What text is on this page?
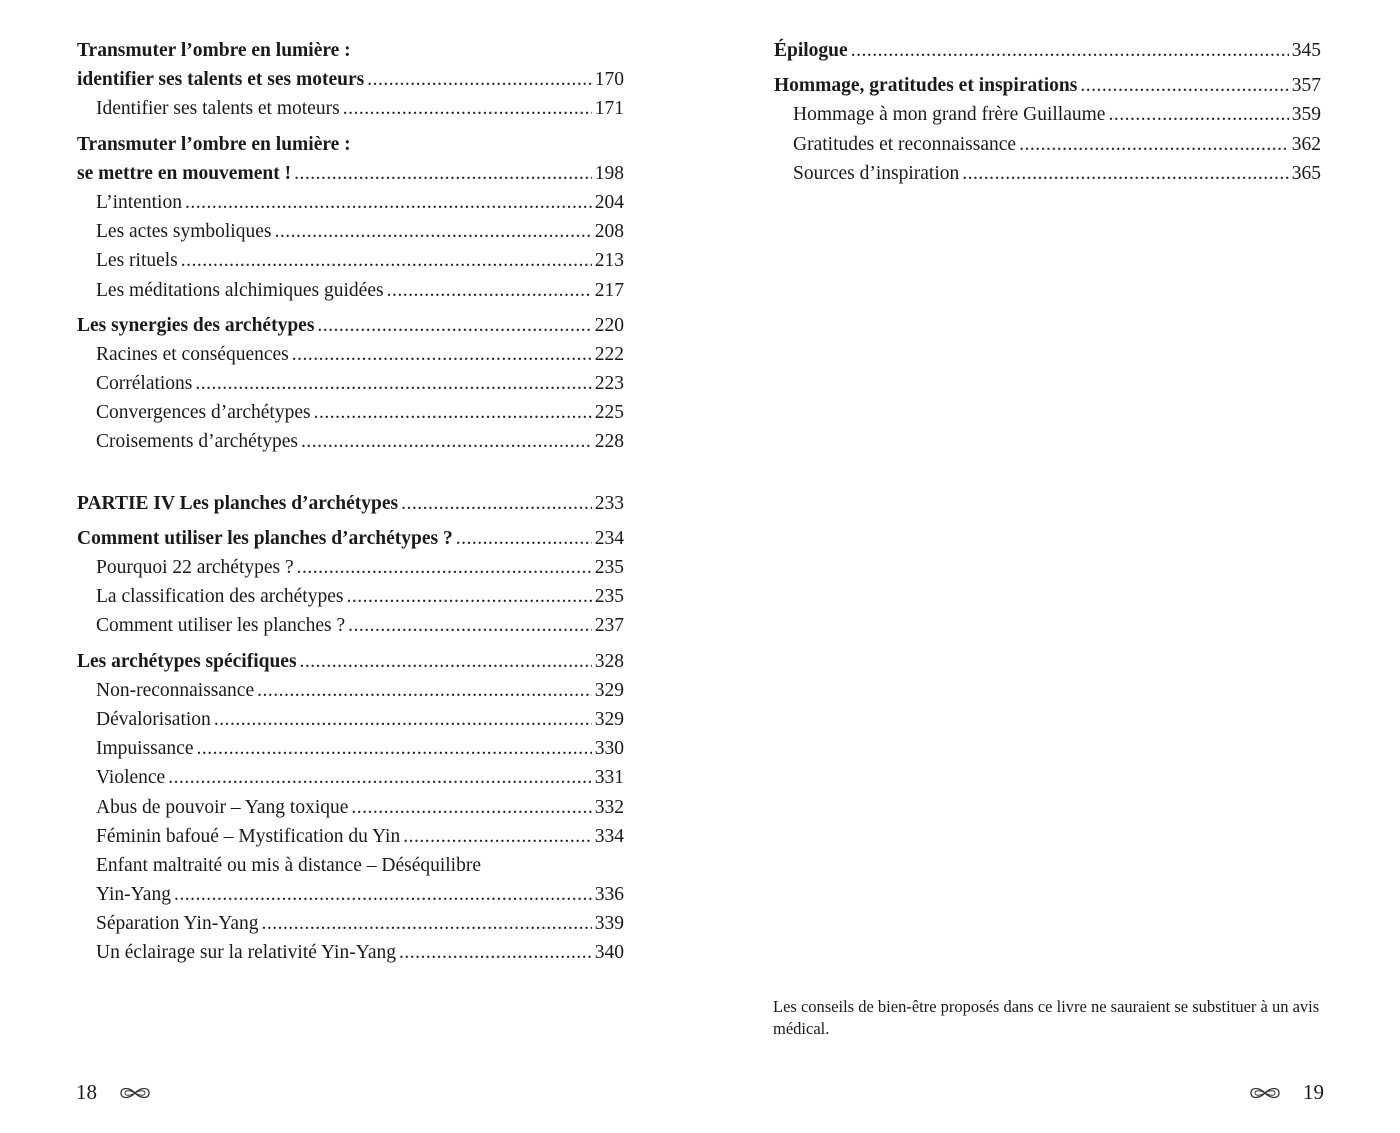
Transmuter l’ombre en lumière :
identifier ses talents et ses moteurs .....	170
Identifier ses talents et moteurs .....	171
Transmuter l’ombre en lumière :
se mettre en mouvement ! .....	198
L’intention .....	204
Les actes symboliques .....	208
Les rituels .....	213
Les méditations alchimiques guidées .....	217
Les synergies des archétypes .....	220
Racines et conséquences .....	222
Corrélations .....	223
Convergences d’archétypes .....	225
Croisements d’archétypes .....	228
PARTIE IV Les planches d’archétypes .....	233
Comment utiliser les planches d’archétypes ? .....	234
Pourquoi 22 archétypes ? .....	235
La classification des archétypes .....	235
Comment utiliser les planches ? .....	237
Les archétypes spécifiques .....	328
Non-reconnaissance .....	329
Dévalorisation .....	329
Impuissance .....	330
Violence .....	331
Abus de pouvoir – Yang toxique .....	332
Féminin bafoué – Mystification du Yin .....	334
Enfant maltraité ou mis à distance – Déséquilibre
Yin-Yang .....	336
Séparation Yin-Yang .....	339
Un éclairage sur la relativité Yin-Yang .....	340
18
Épilogue .....	345
Hommage, gratitudes et inspirations .....	357
Hommage à mon grand frère Guillaume .....	359
Gratitudes et reconnaissance .....	362
Sources d’inspiration .....	365
Les conseils de bien-être proposés dans ce livre ne sauraient se substituer à un avis médical.
19
